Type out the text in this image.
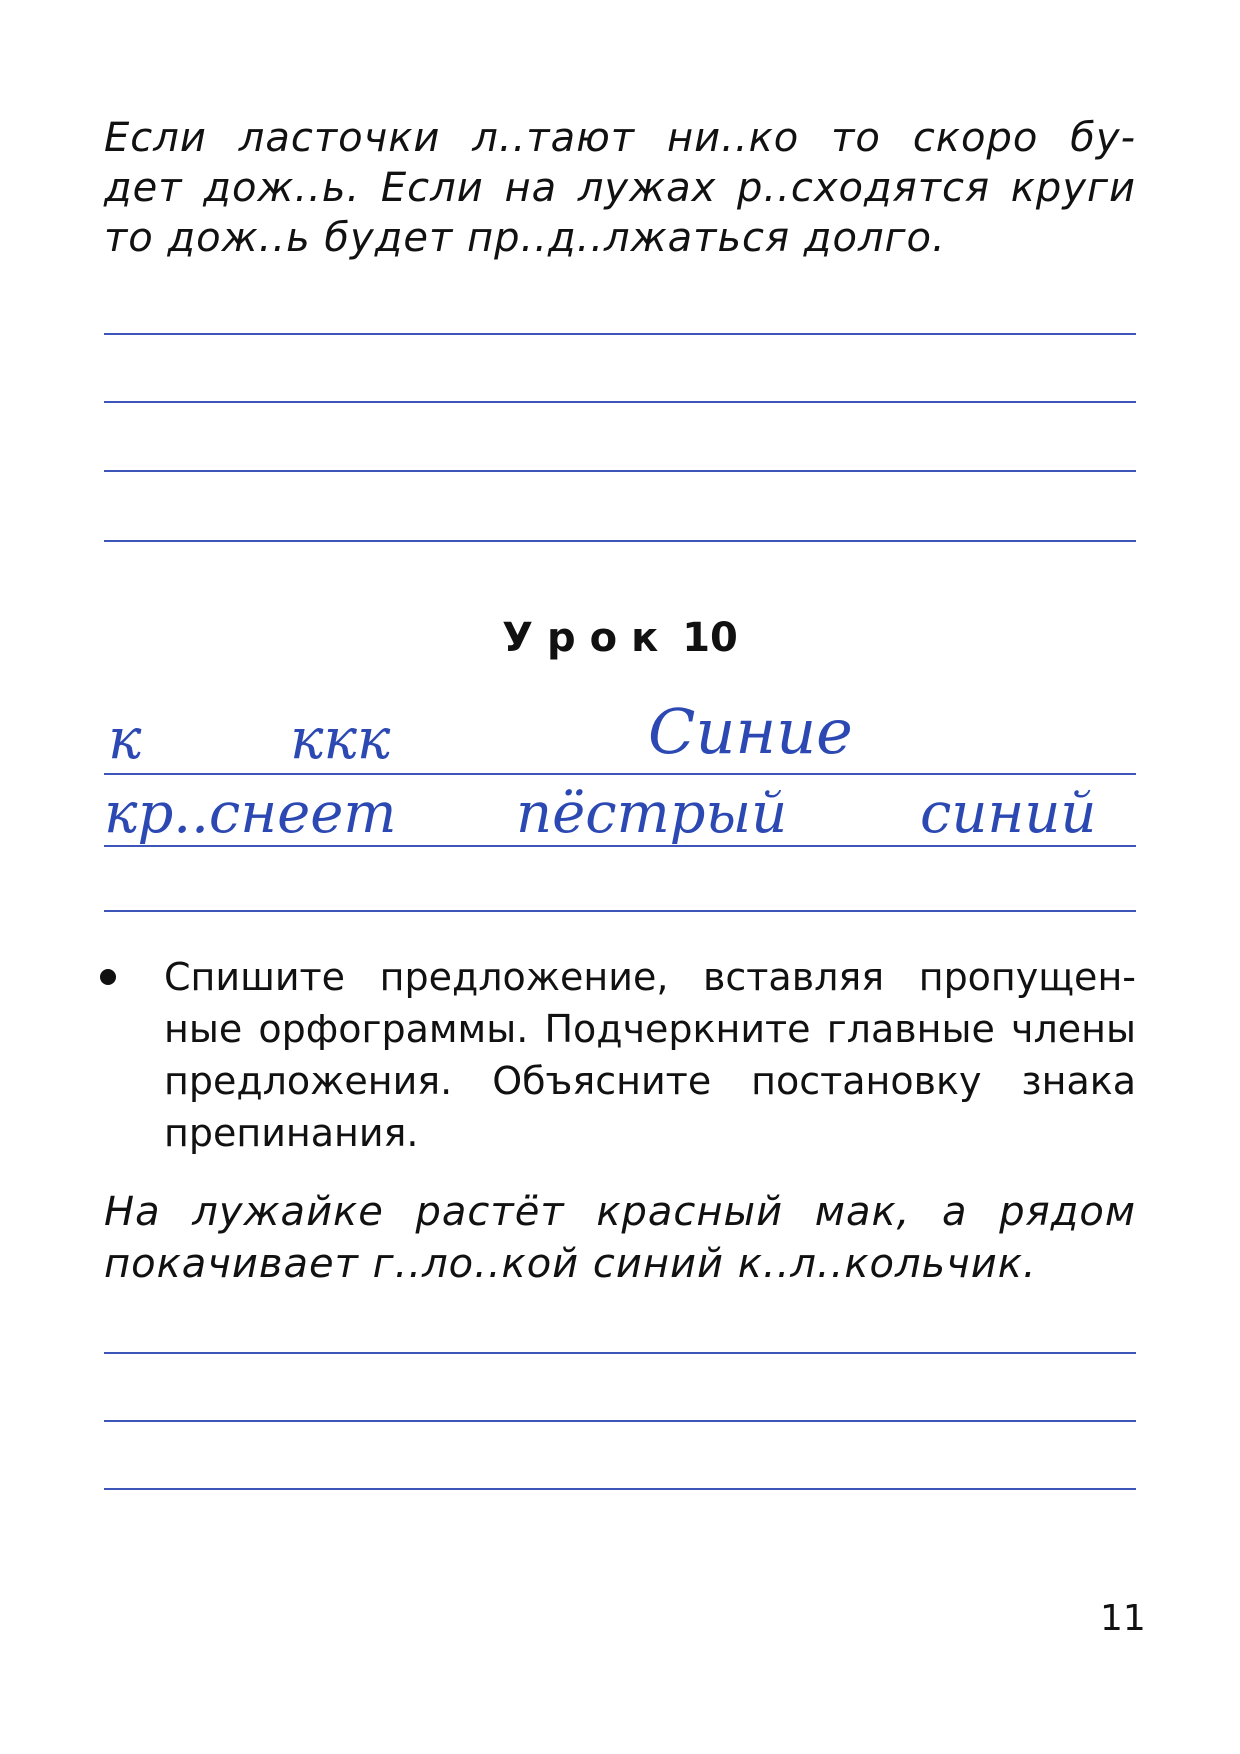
Если ласточки л..тают ни..ко то скоро бу-
дет дож..ь. Если на лужах р..сходятся круги
то дож..ь будет пр..д..лжаться долго.
Урок 10
к	ккк	Синие
кр..снеет пёстрый синий
Спишите предложение, вставляя пропущен-
ные орфограммы. Подчеркните главные члены
предложения. Объясните постановку знака
препинания.
На лужайке растёт красный мак, а рядом
покачивает г..ло..кой синий к..л..кольчик.
11
